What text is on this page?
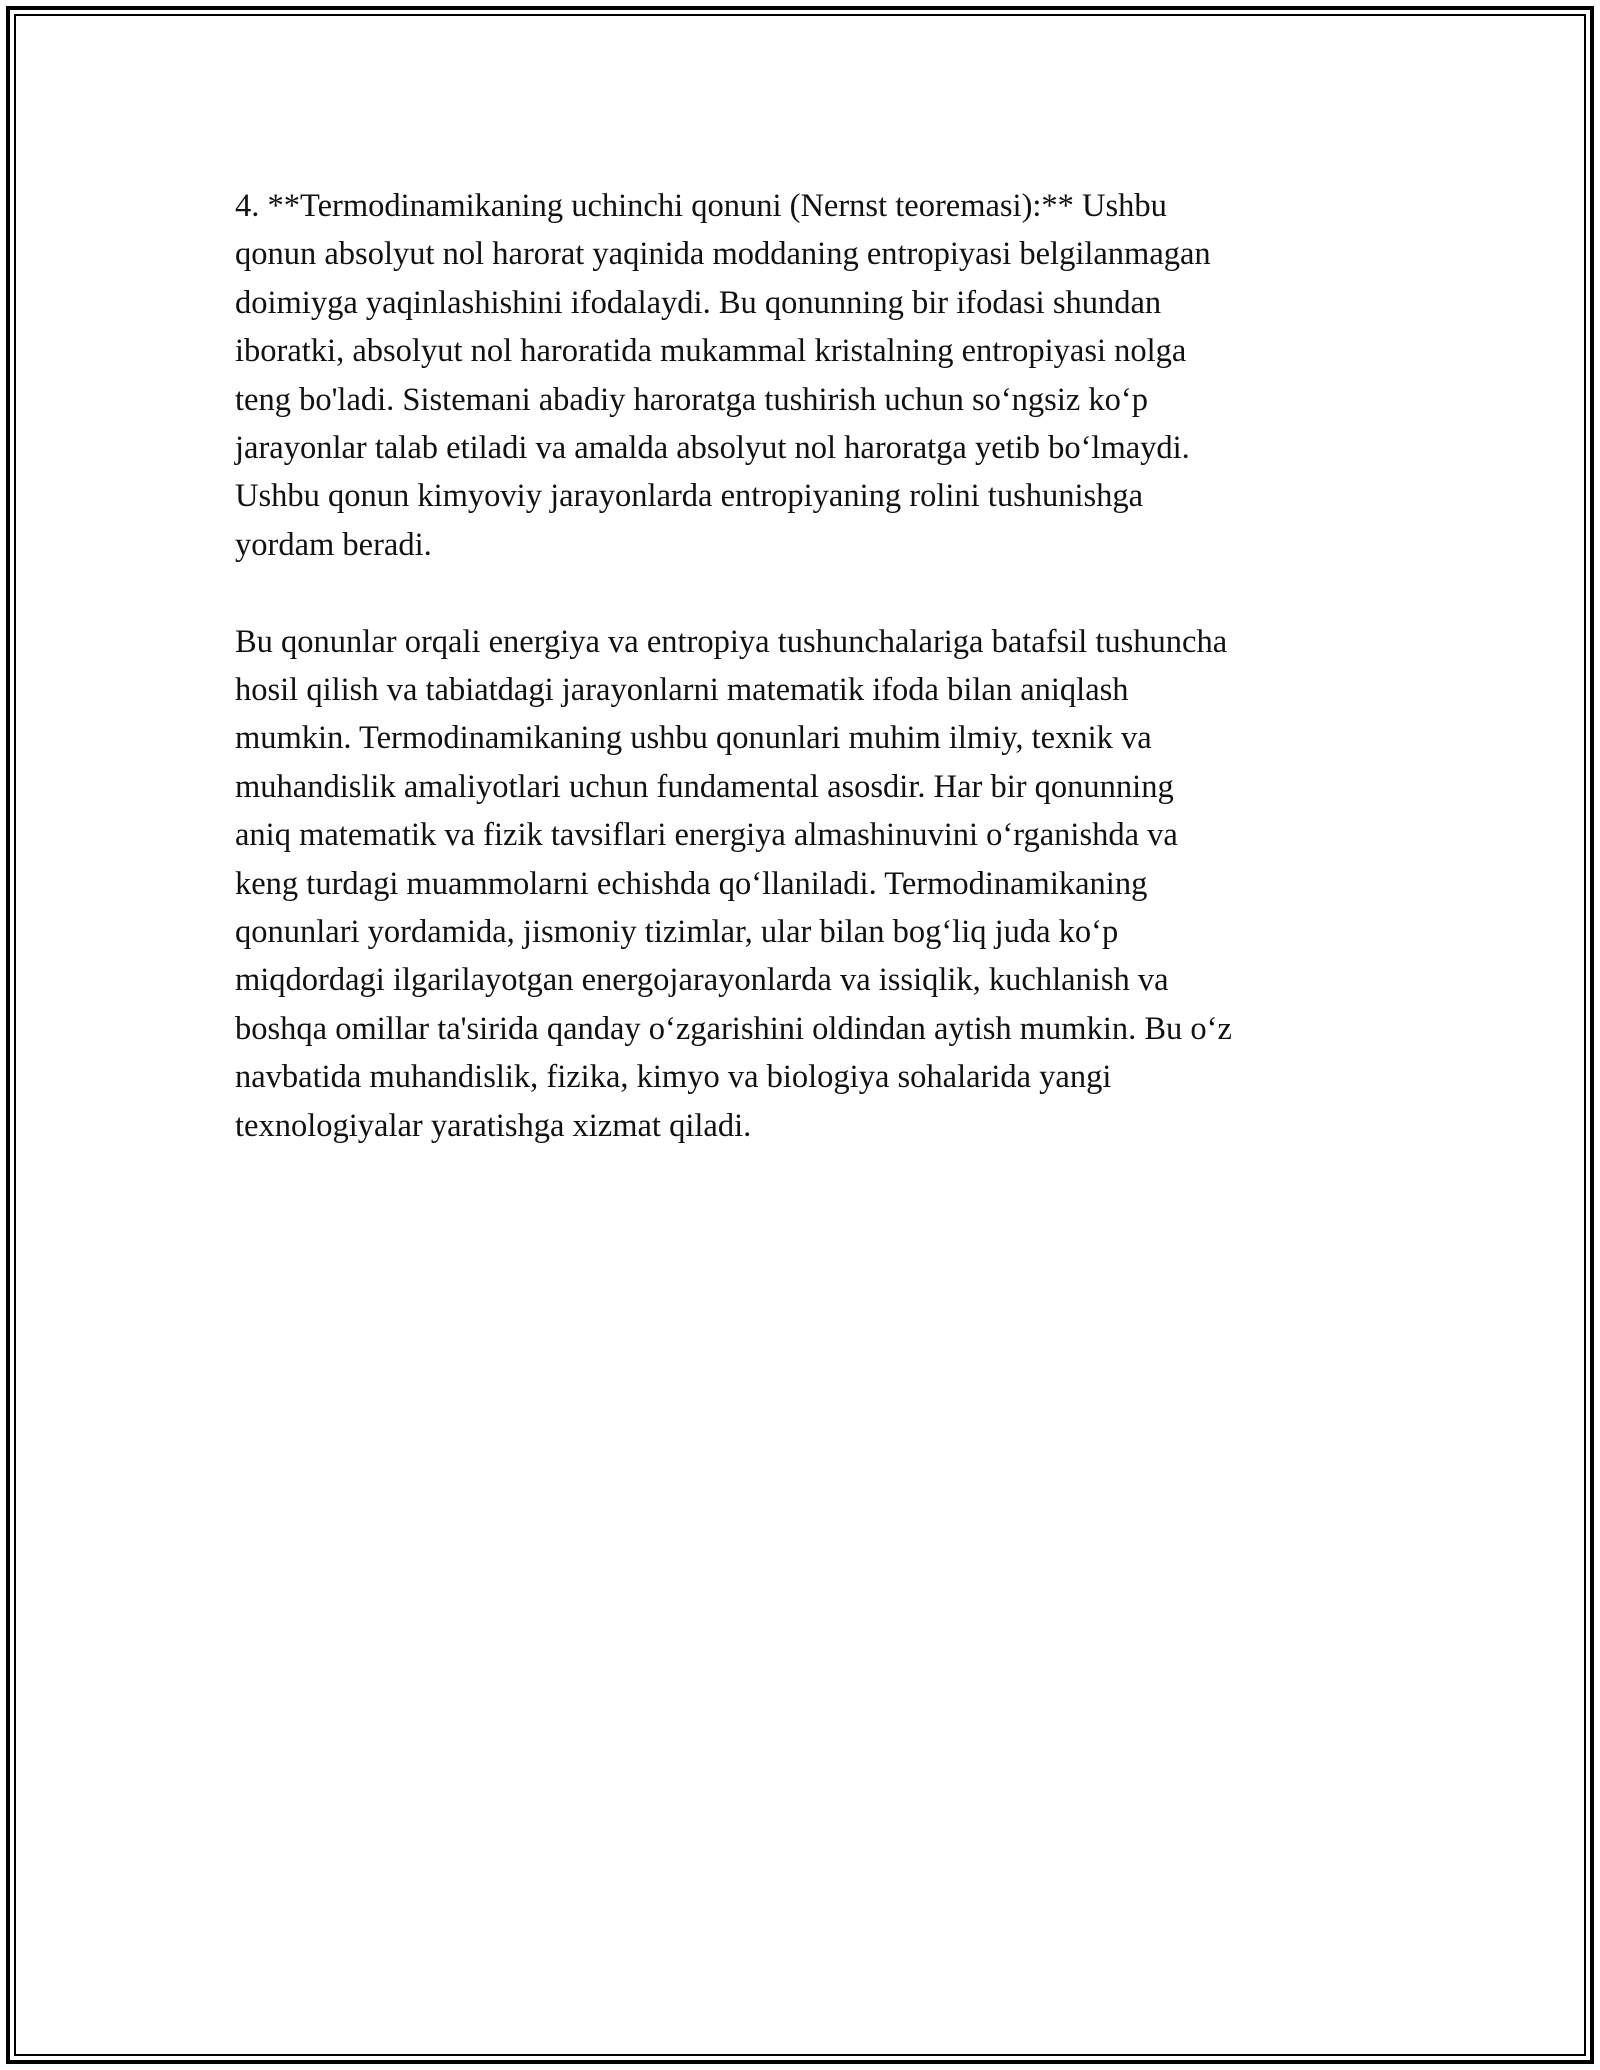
4. **Termodinamikaning uchinchi qonuni (Nernst teoremasi):** Ushbu
qonun absolyut nol harorat yaqinida moddaning entropiyasi belgilanmagan
doimiyga yaqinlashishini ifodalaydi. Bu qonunning bir ifodasi shundan
iboratki, absolyut nol haroratida mukammal kristalning entropiyasi nolga
teng bo'ladi. Sistemani abadiy haroratga tushirish uchun so‘ngsiz ko‘p
jarayonlar talab etiladi va amalda absolyut nol haroratga yetib bo‘lmaydi.
Ushbu qonun kimyoviy jarayonlarda entropiyaning rolini tushunishga
yordam beradi.

Bu qonunlar orqali energiya va entropiya tushunchalariga batafsil tushuncha
hosil qilish va tabiatdagi jarayonlarni matematik ifoda bilan aniqlash
mumkin. Termodinamikaning ushbu qonunlari muhim ilmiy, texnik va
muhandislik amaliyotlari uchun fundamental asosdir. Har bir qonunning
aniq matematik va fizik tavsiflari energiya almashinuvini o‘rganishda va
keng turdagi muammolarni echishda qo‘llaniladi. Termodinamikaning
qonunlari yordamida, jismoniy tizimlar, ular bilan bog‘liq juda ko‘p
miqdordagi ilgarilayotgan energojarayonlarda va issiqlik, kuchlanish va
boshqa omillar ta'sirida qanday o‘zgarishini oldindan aytish mumkin. Bu o‘z
navbatida muhandislik, fizika, kimyo va biologiya sohalarida yangi
texnologiyalar yaratishga xizmat qiladi.
